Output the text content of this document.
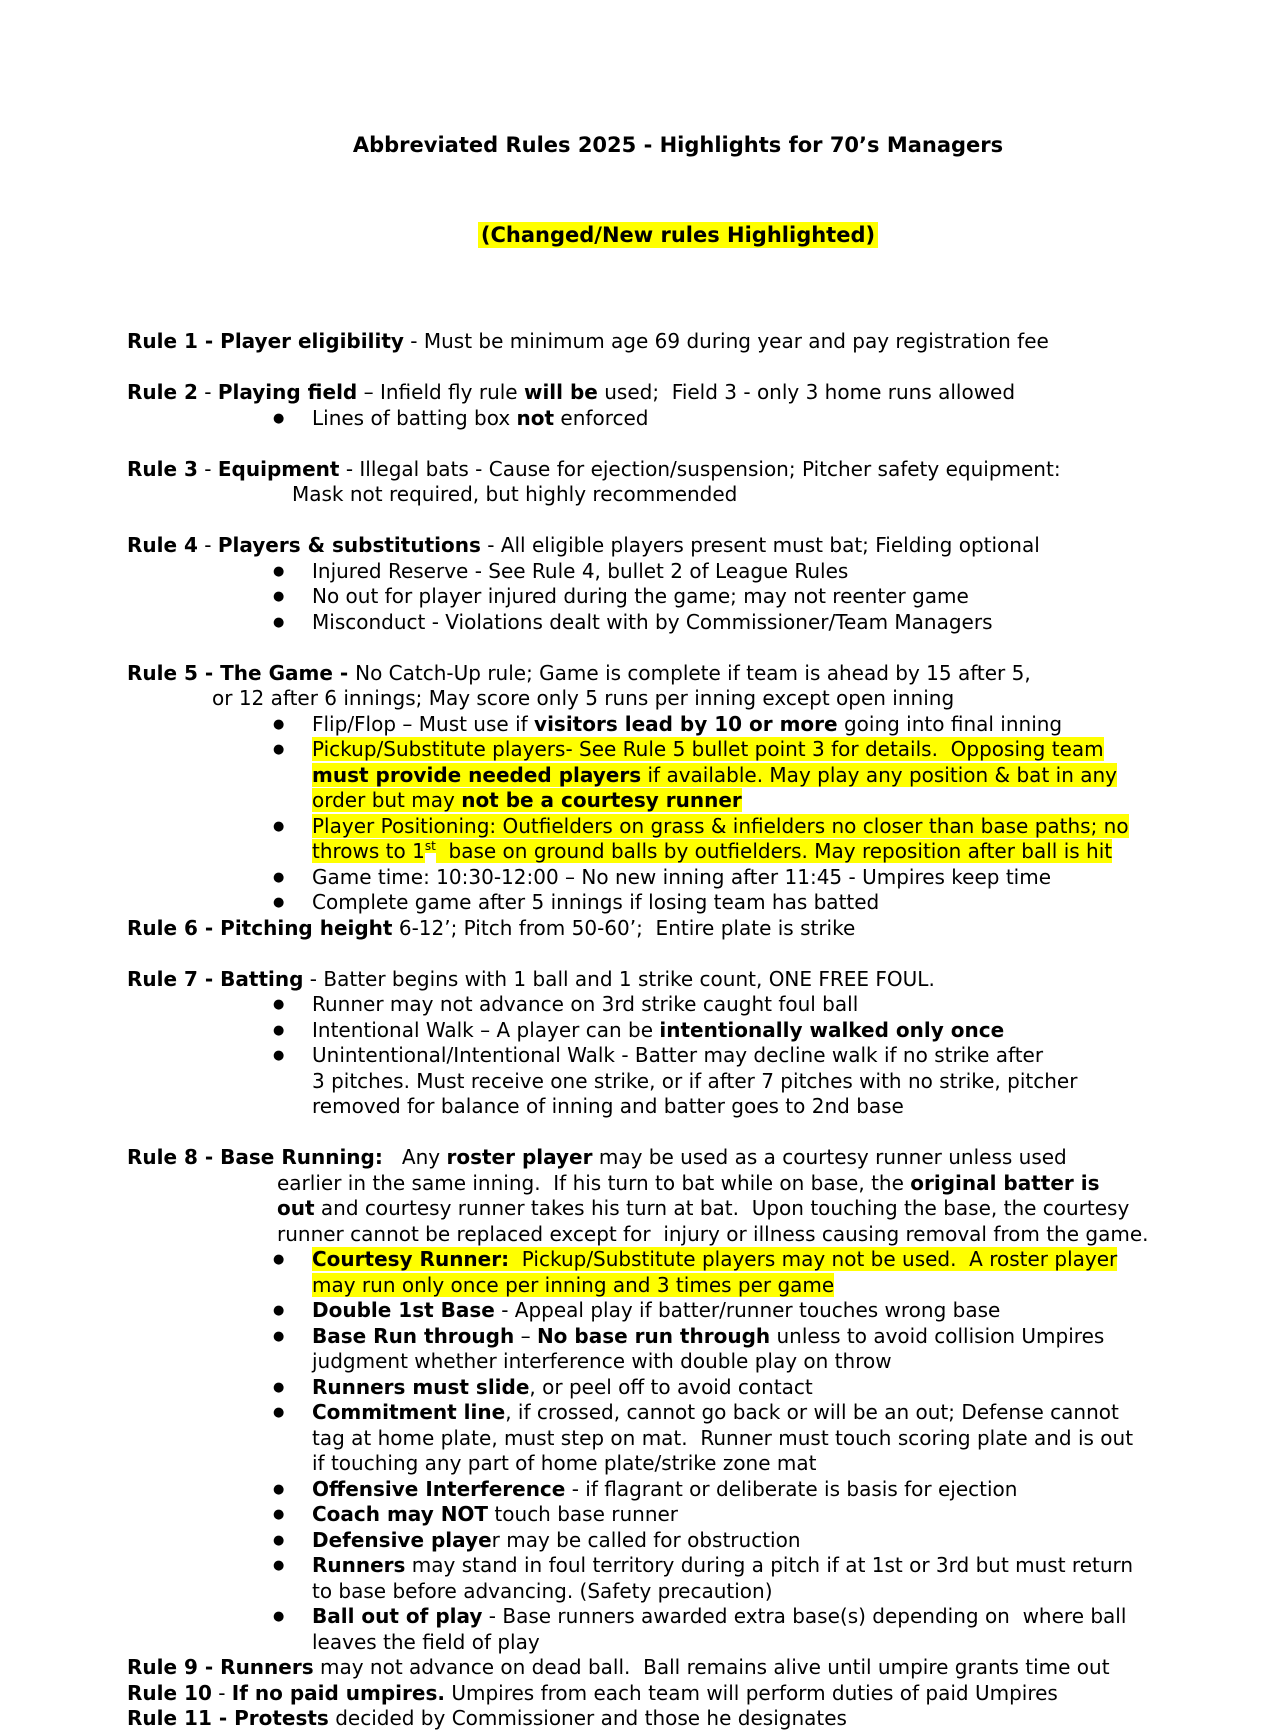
Abbreviated Rules 2025 - Highlights for 70’s Managers

(Changed/New rules Highlighted)

Rule 1 - Player eligibility - Must be minimum age 69 during year and pay registration fee
Rule 2 - Playing field – Infield fly rule will be used;  Field 3 - only 3 home runs allowed
● Lines of batting box not enforced
Rule 3 - Equipment - Illegal bats - Cause for ejection/suspension; Pitcher safety equipment:
Mask not required, but highly recommended
Rule 4 - Players & substitutions - All eligible players present must bat; Fielding optional
● Injured Reserve - See Rule 4, bullet 2 of League Rules
● No out for player injured during the game; may not reenter game
● Misconduct - Violations dealt with by Commissioner/Team Managers
Rule 5 - The Game - No Catch-Up rule; Game is complete if team is ahead by 15 after 5,
or 12 after 6 innings; May score only 5 runs per inning except open inning
● Flip/Flop – Must use if visitors lead by 10 or more going into final inning
● Pickup/Substitute players- See Rule 5 bullet point 3 for details.  Opposing team
must provide needed players if available. May play any position & bat in any
order but may not be a courtesy runner
● Player Positioning: Outfielders on grass & infielders no closer than base paths; no
throws to 1st  base on ground balls by outfielders. May reposition after ball is hit
● Game time: 10:30-12:00 – No new inning after 11:45 - Umpires keep time
● Complete game after 5 innings if losing team has batted
Rule 6 - Pitching height 6-12’; Pitch from 50-60’;  Entire plate is strike
Rule 7 - Batting - Batter begins with 1 ball and 1 strike count, ONE FREE FOUL.
● Runner may not advance on 3rd strike caught foul ball
● Intentional Walk – A player can be intentionally walked only once
● Unintentional/Intentional Walk - Batter may decline walk if no strike after
3 pitches. Must receive one strike, or if after 7 pitches with no strike, pitcher
removed for balance of inning and batter goes to 2nd base
Rule 8 - Base Running:   Any roster player may be used as a courtesy runner unless used
earlier in the same inning.  If his turn to bat while on base, the original batter is
out and courtesy runner takes his turn at bat.  Upon touching the base, the courtesy
runner cannot be replaced except for  injury or illness causing removal from the game.
● Courtesy Runner:  Pickup/Substitute players may not be used.  A roster player
may run only once per inning and 3 times per game
● Double 1st Base - Appeal play if batter/runner touches wrong base
● Base Run through – No base run through unless to avoid collision Umpires
judgment whether interference with double play on throw
● Runners must slide, or peel off to avoid contact
● Commitment line, if crossed, cannot go back or will be an out; Defense cannot
tag at home plate, must step on mat.  Runner must touch scoring plate and is out
if touching any part of home plate/strike zone mat
● Offensive Interference - if flagrant or deliberate is basis for ejection
● Coach may NOT touch base runner
● Defensive player may be called for obstruction
● Runners may stand in foul territory during a pitch if at 1st or 3rd but must return
to base before advancing. (Safety precaution)
● Ball out of play - Base runners awarded extra base(s) depending on  where ball
leaves the field of play
Rule 9 - Runners may not advance on dead ball.  Ball remains alive until umpire grants time out
Rule 10 - If no paid umpires. Umpires from each team will perform duties of paid Umpires
Rule 11 - Protests decided by Commissioner and those he designates
